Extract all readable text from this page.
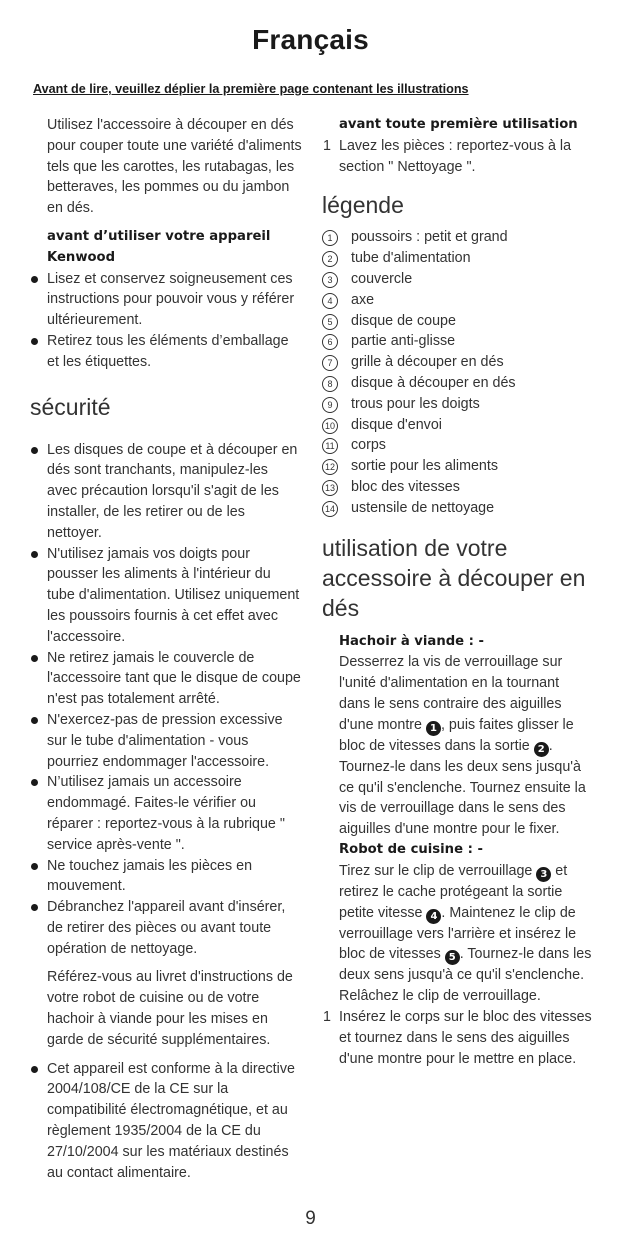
Français
Avant de lire, veuillez déplier la première page contenant les illustrations

Utilisez l'accessoire à découper en dés pour couper toute une variété d'aliments tels que les carottes, les rutabagas, les betteraves, les pommes ou du jambon en dés.

avant d’utiliser votre appareil Kenwood

Lisez et conservez soigneusement ces instructions pour pouvoir vous y référer ultérieurement.
Retirez tous les éléments d’emballage et les étiquettes.
sécurité
Les disques de coupe et à découper en dés sont tranchants, manipulez-les avec précaution lorsqu'il s'agit de les installer, de les retirer ou de les nettoyer.
N'utilisez jamais vos doigts pour pousser les aliments à l'intérieur du tube d'alimentation. Utilisez uniquement les poussoirs fournis à cet effet avec l'accessoire.
Ne retirez jamais le couvercle de l'accessoire tant que le disque de coupe n'est pas totalement arrêté.
N'exercez-pas de pression excessive sur le tube d'alimentation - vous pourriez endommager l'accessoire.
N’utilisez jamais un accessoire endommagé. Faites-le vérifier ou réparer : reportez-vous à la rubrique " service après-vente ".
Ne touchez jamais les pièces en mouvement.
Débranchez l'appareil avant d'insérer, de retirer des pièces ou avant toute opération de nettoyage.

Référez-vous au livret d'instructions de votre robot de cuisine ou de votre hachoir à viande pour les mises en garde de sécurité supplémentaires.

Cet appareil est conforme à la directive 2004/108/CE de la CE sur la compatibilité électromagnétique, et au règlement 1935/2004 de la CE du 27/10/2004 sur les matériaux destinés au contact alimentaire.

avant toute première utilisation

1 Lavez les pièces : reportez-vous à la section " Nettoyage ".
légende
1	poussoirs : petit et grand
2	tube d'alimentation
3	couvercle
4	axe
5	disque de coupe
6	partie anti-glisse
7	grille à découper en dés
8	disque à découper en dés
9	trous pour les doigts
10 disque d'envoi
11 corps
12 sortie pour les aliments
13 bloc des vitesses
14 ustensile de nettoyage
utilisation de votre accessoire à découper en dés

Hachoir à viande : -

Desserrez la vis de verrouillage sur l'unité d'alimentation en la tournant dans le sens contraire des aiguilles d'une montre 1 , puis faites glisser le bloc de vitesses dans la sortie 2 . Tournez-le dans les deux sens jusqu'à ce qu'il s'enclenche. Tournez ensuite la vis de verrouillage dans le sens des aiguilles d'une montre pour le fixer.

Robot de cuisine : -

Tirez sur le clip de verrouillage 3 et retirez le cache protégeant la sortie petite vitesse 4 . Maintenez le clip de verrouillage vers l'arrière et insérez le bloc de vitesses 5 . Tournez-le dans les deux sens jusqu'à ce qu'il s'enclenche. Relâchez le clip de verrouillage.

1 Insérez le corps sur le bloc des vitesses et tournez dans le sens des aiguilles d'une montre pour le mettre en place.
9
